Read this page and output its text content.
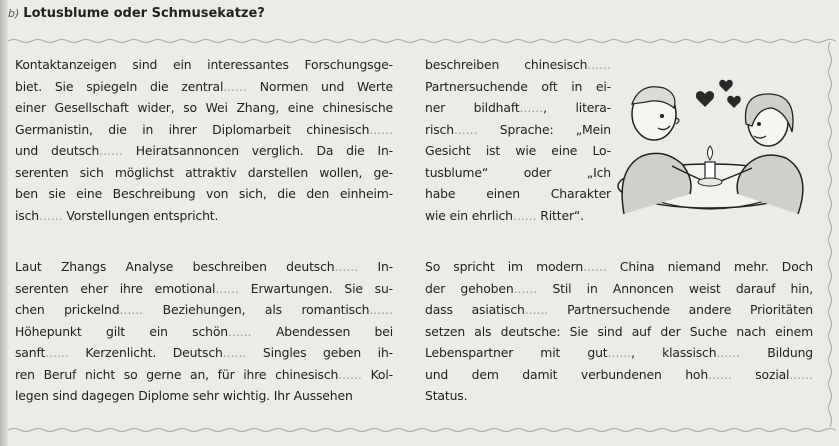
b) Lotusblume oder Schmusekatze?

Kontaktanzeigen sind ein interessantes Forschungsge-

biet. Sie spiegeln die zentral...... Normen und Werte

einer Gesellschaft wider, so Wei Zhang, eine chinesische

Germanistin, die in ihrer Diplomarbeit chinesisch......

und deutsch...... Heiratsannoncen verglich. Da die In-

serenten sich möglichst attraktiv darstellen wollen, ge-

ben sie eine Beschreibung von sich, die den einheim-

isch...... Vorstellungen entspricht.

Laut Zhangs Analyse beschreiben deutsch...... In-

serenten eher ihre emotional...... Erwartungen. Sie su-

chen prickelnd...... Beziehungen, als romantisch......

Höhepunkt gilt ein schön...... Abendessen bei

sanft...... Kerzenlicht. Deutsch...... Singles geben ih-

ren Beruf nicht so gerne an, für ihre chinesisch...... Kol-

legen sind dagegen Diplome sehr wichtig. Ihr Aussehen

beschreiben chinesisch......

Partnersuchende oft in ei-

ner bildhaft......, litera-

risch...... Sprache: „Mein

Gesicht ist wie eine Lo-

tusblume“ oder „Ich

habe einen Charakter

wie ein ehrlich...... Ritter“.

So spricht im modern...... China niemand mehr. Doch

der gehoben...... Stil in Annoncen weist darauf hin,

dass asiatisch...... Partnersuchende andere Prioritäten

setzen als deutsche: Sie sind auf der Suche nach einem

Lebenspartner mit gut......, klassisch...... Bildung

und dem damit verbundenen hoh...... sozial......

Status.
